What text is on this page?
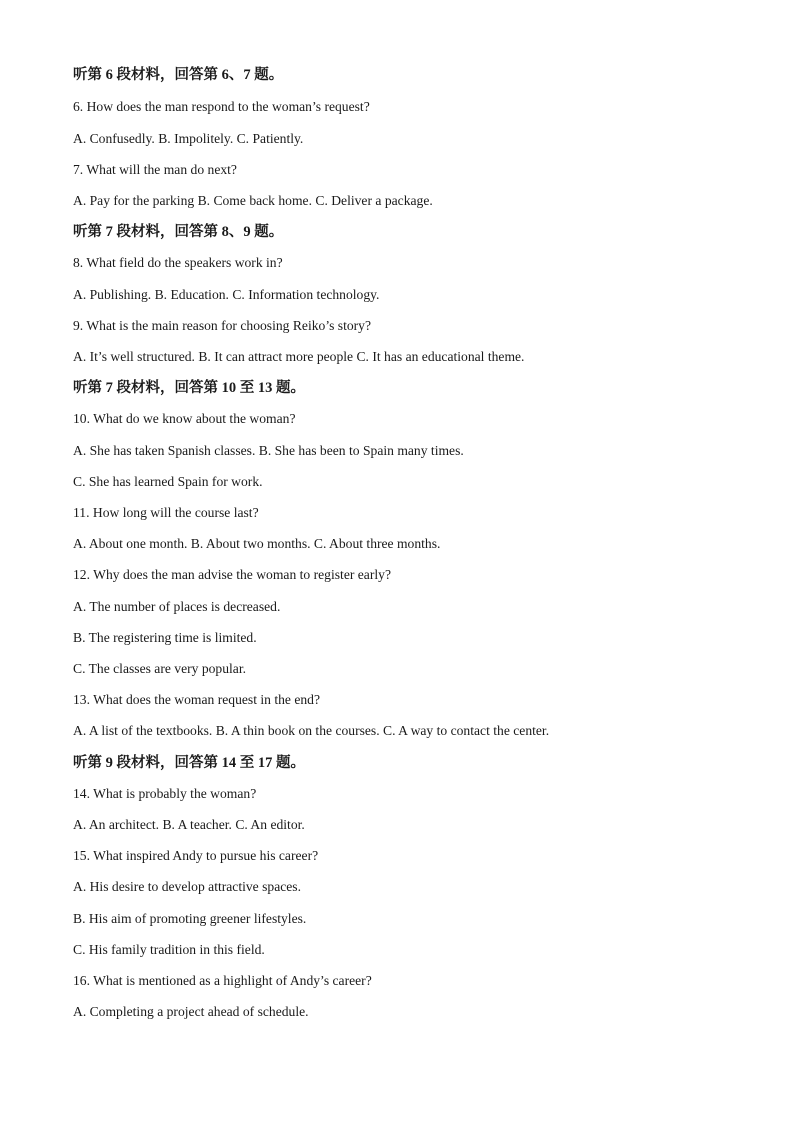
听第 6 段材料，回答第 6、7 题。
6. How does the man respond to the woman’s request?
A. Confusedly. B. Impolitely. C. Patiently.
7. What will the man do next?
A. Pay for the parking B. Come back home. C. Deliver a package.
听第 7 段材料，回答第 8、9 题。
8. What field do the speakers work in?
A. Publishing. B. Education. C. Information technology.
9. What is the main reason for choosing Reiko’s story?
A. It’s well structured. B. It can attract more people C. It has an educational theme.
听第 7 段材料，回答第 10 至 13 题。
10. What do we know about the woman?
A. She has taken Spanish classes. B. She has been to Spain many times.
C. She has learned Spain for work.
11. How long will the course last?
A. About one month. B. About two months. C. About three months.
12. Why does the man advise the woman to register early?
A. The number of places is decreased.
B. The registering time is limited.
C. The classes are very popular.
13. What does the woman request in the end?
A. A list of the textbooks. B. A thin book on the courses. C. A way to contact the center.
听第 9 段材料，回答第 14 至 17 题。
14. What is probably the woman?
A. An architect. B. A teacher. C. An editor.
15. What inspired Andy to pursue his career?
A. His desire to develop attractive spaces.
B. His aim of promoting greener lifestyles.
C. His family tradition in this field.
16. What is mentioned as a highlight of Andy’s career?
A. Completing a project ahead of schedule.
